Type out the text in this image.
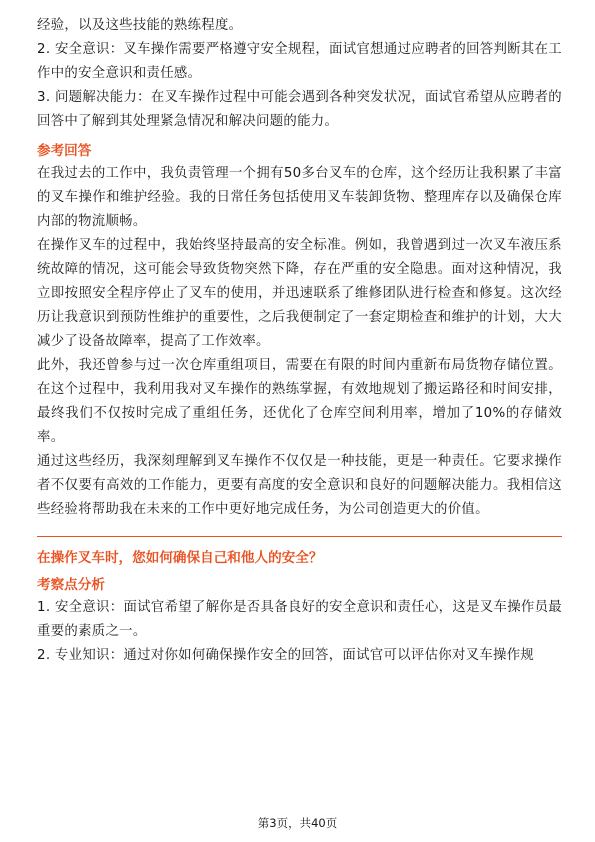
经验，以及这些技能的熟练程度。

2. 安全意识：叉车操作需要严格遵守安全规程，面试官想通过应聘者的回答判断其在工作中的安全意识和责任感。

3. 问题解决能力：在叉车操作过程中可能会遇到各种突发状况，面试官希望从应聘者的回答中了解到其处理紧急情况和解决问题的能力。

参考回答

在我过去的工作中，我负责管理一个拥有50多台叉车的仓库，这个经历让我积累了丰富的叉车操作和维护经验。我的日常任务包括使用叉车装卸货物、整理库存以及确保仓库内部的物流顺畅。

在操作叉车的过程中，我始终坚持最高的安全标准。例如，我曾遇到过一次叉车液压系统故障的情况，这可能会导致货物突然下降，存在严重的安全隐患。面对这种情况，我立即按照安全程序停止了叉车的使用，并迅速联系了维修团队进行检查和修复。这次经历让我意识到预防性维护的重要性，之后我便制定了一套定期检查和维护的计划，大大减少了设备故障率，提高了工作效率。

此外，我还曾参与过一次仓库重组项目，需要在有限的时间内重新布局货物存储位置。在这个过程中，我利用我对叉车操作的熟练掌握，有效地规划了搬运路径和时间安排，最终我们不仅按时完成了重组任务，还优化了仓库空间利用率，增加了10%的存储效率。

通过这些经历，我深刻理解到叉车操作不仅仅是一种技能，更是一种责任。它要求操作者不仅要有高效的工作能力，更要有高度的安全意识和良好的问题解决能力。我相信这些经验将帮助我在未来的工作中更好地完成任务，为公司创造更大的价值。

在操作叉车时，您如何确保自己和他人的安全？

考察点分析

1. 安全意识：面试官希望了解你是否具备良好的安全意识和责任心，这是叉车操作员最重要的素质之一。

2. 专业知识：通过对你如何确保操作安全的回答，面试官可以评估你对叉车操作规

第3页，共40页
